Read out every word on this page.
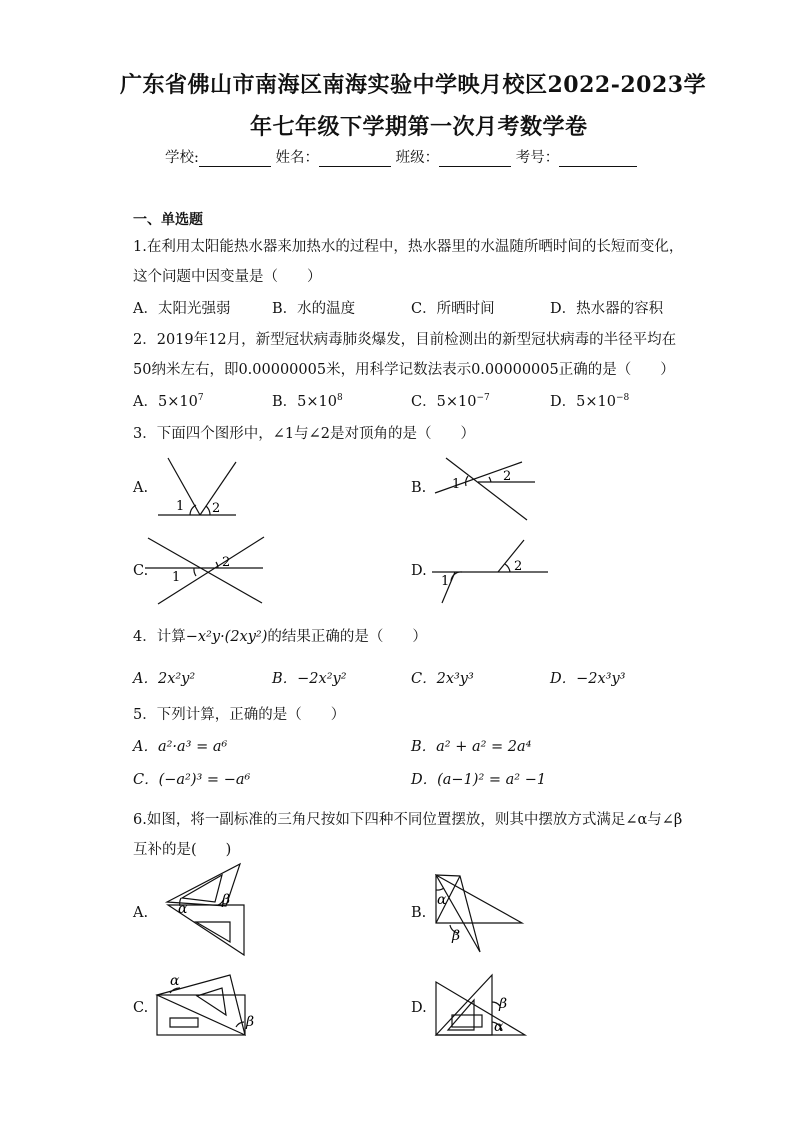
广东省佛山市南海区南海实验中学映月校区2022-2023学
年七年级下学期第一次月考数学卷
学校:	姓名：	班级：	考号：
一、单选题
1.在利用太阳能热水器来加热水的过程中，热水器里的水温随所晒时间的长短而变化，
这个问题中因变量是（　　）
A．太阳光强弱	B．水的温度	C．所晒时间	D．热水器的容积
2．2019年12月，新型冠状病毒肺炎爆发，目前检测出的新型冠状病毒的半径平均在
50纳米左右，即0.00000005米，用科学记数法表示0.00000005正确的是（　　）
A．$5\times 10^7$	B．$5\times 10^8$	C．$5\times 10^{-7}$	D．$5\times 10^{-8}$
3．下面四个图形中，∠1与∠2是对顶角的是（　　）
A.
1 2
1
2
1
2
1
2
α
β	α
β
α
β
β
α
B.
C.	D.
4．计算−x²y·(2xy²)的结果正确的是（　　）
A．2x²y²	B．−2x²y²	C．2x³y³	D．−2x³y³
5．下列计算，正确的是（　　）
A．a²·a³ = a⁶	B．a² + a² = 2a⁴
C．(−a²)³ = −a⁶	D．(a−1)² = a² −1
6.如图，将一副标准的三角尺按如下四种不同位置摆放，则其中摆放方式满足∠α与∠β
互补的是(　　)
A.	B.
C.	D.
